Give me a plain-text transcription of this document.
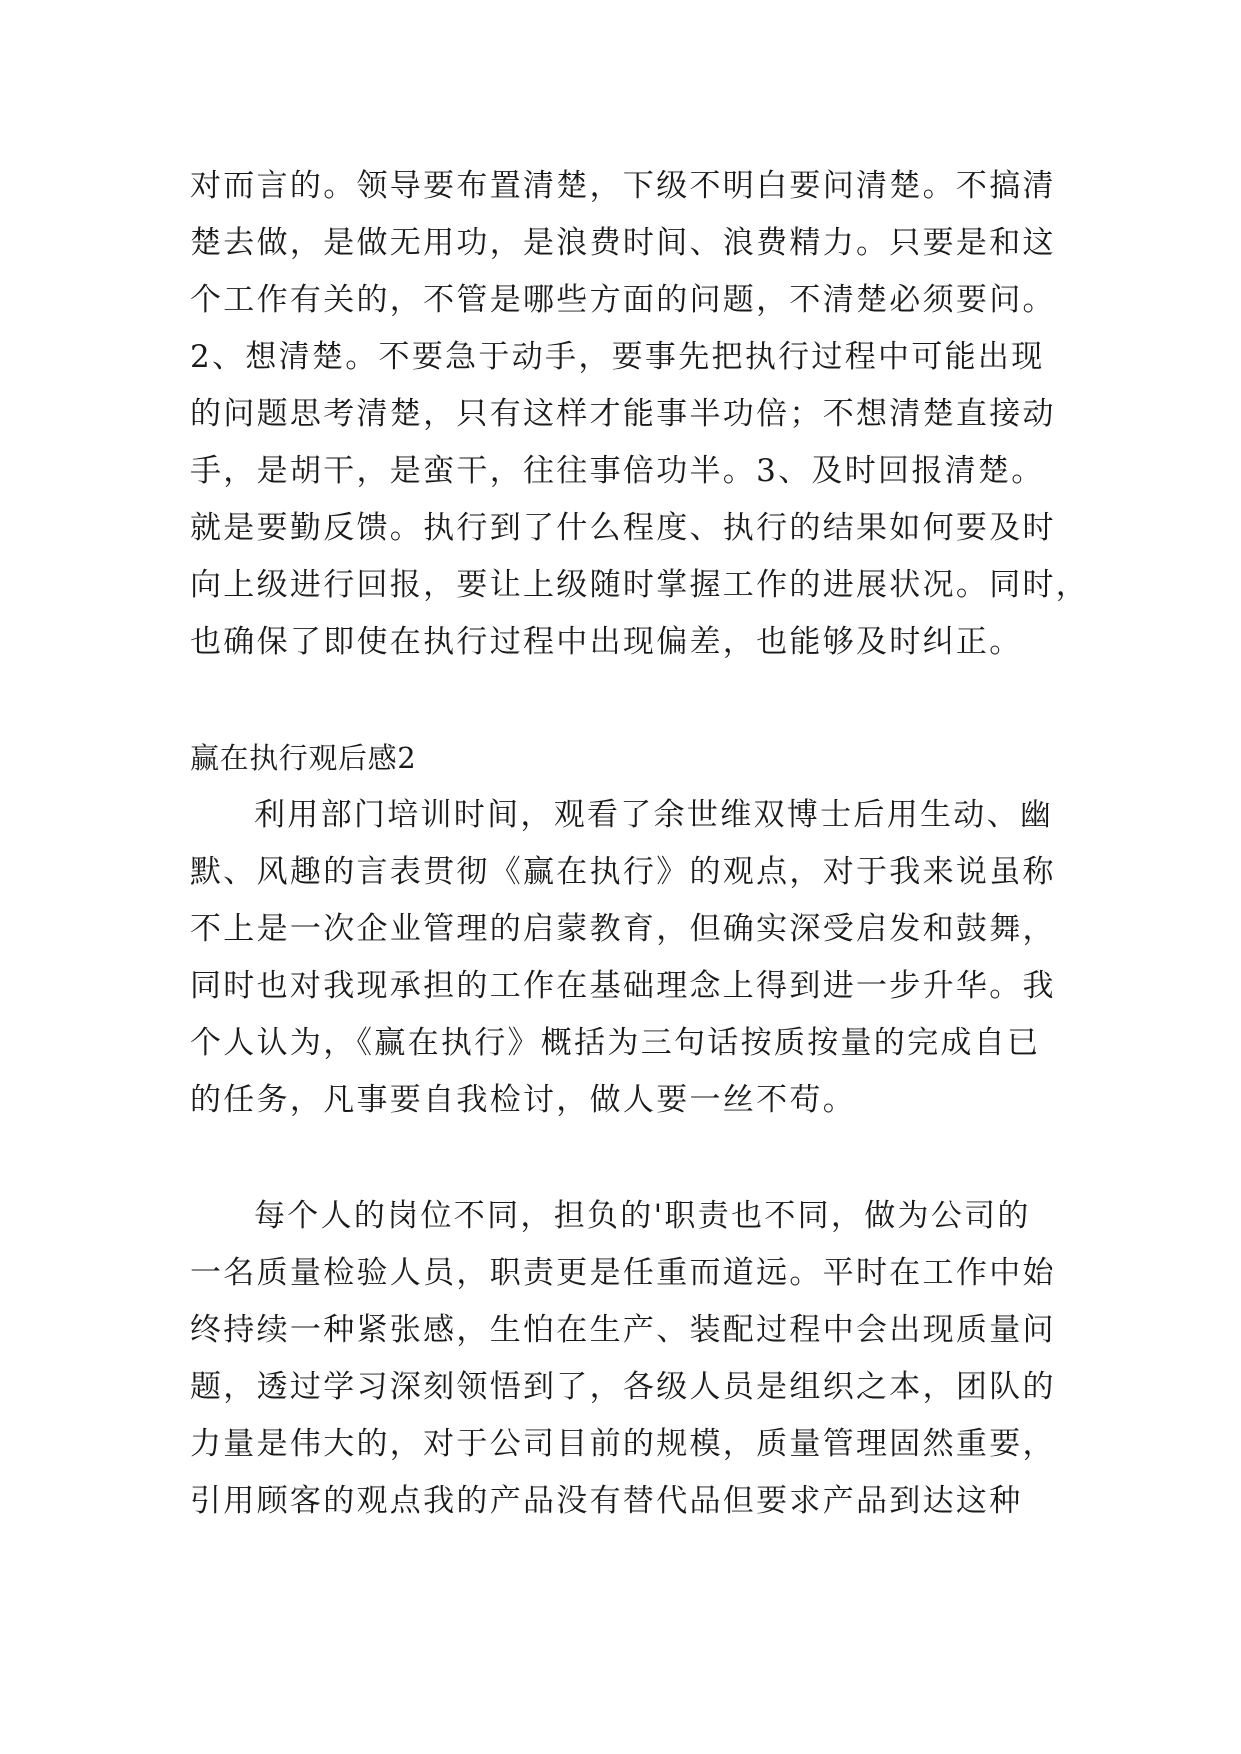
对而言的。领导要布置清楚，下级不明白要问清楚。不搞清
楚去做，是做无用功，是浪费时间、浪费精力。只要是和这
个工作有关的，不管是哪些方面的问题，不清楚必须要问。
2、想清楚。不要急于动手，要事先把执行过程中可能出现
的问题思考清楚，只有这样才能事半功倍；不想清楚直接动
手，是胡干，是蛮干，往往事倍功半。3、及时回报清楚。
就是要勤反馈。执行到了什么程度、执行的结果如何要及时
向上级进行回报，要让上级随时掌握工作的进展状况。同时，
也确保了即使在执行过程中出现偏差，也能够及时纠正。
赢在执行观后感2
利用部门培训时间，观看了余世维双博士后用生动、幽
默、风趣的言表贯彻《赢在执行》的观点，对于我来说虽称
不上是一次企业管理的启蒙教育，但确实深受启发和鼓舞，
同时也对我现承担的工作在基础理念上得到进一步升华。我
个人认为，《赢在执行》概括为三句话按质按量的完成自已
的任务，凡事要自我检讨，做人要一丝不苟。
每个人的岗位不同，担负的'职责也不同，做为公司的
一名质量检验人员，职责更是任重而道远。平时在工作中始
终持续一种紧张感，生怕在生产、装配过程中会出现质量问
题，透过学习深刻领悟到了，各级人员是组织之本，团队的
力量是伟大的，对于公司目前的规模，质量管理固然重要，
引用顾客的观点我的产品没有替代品但要求产品到达这种
